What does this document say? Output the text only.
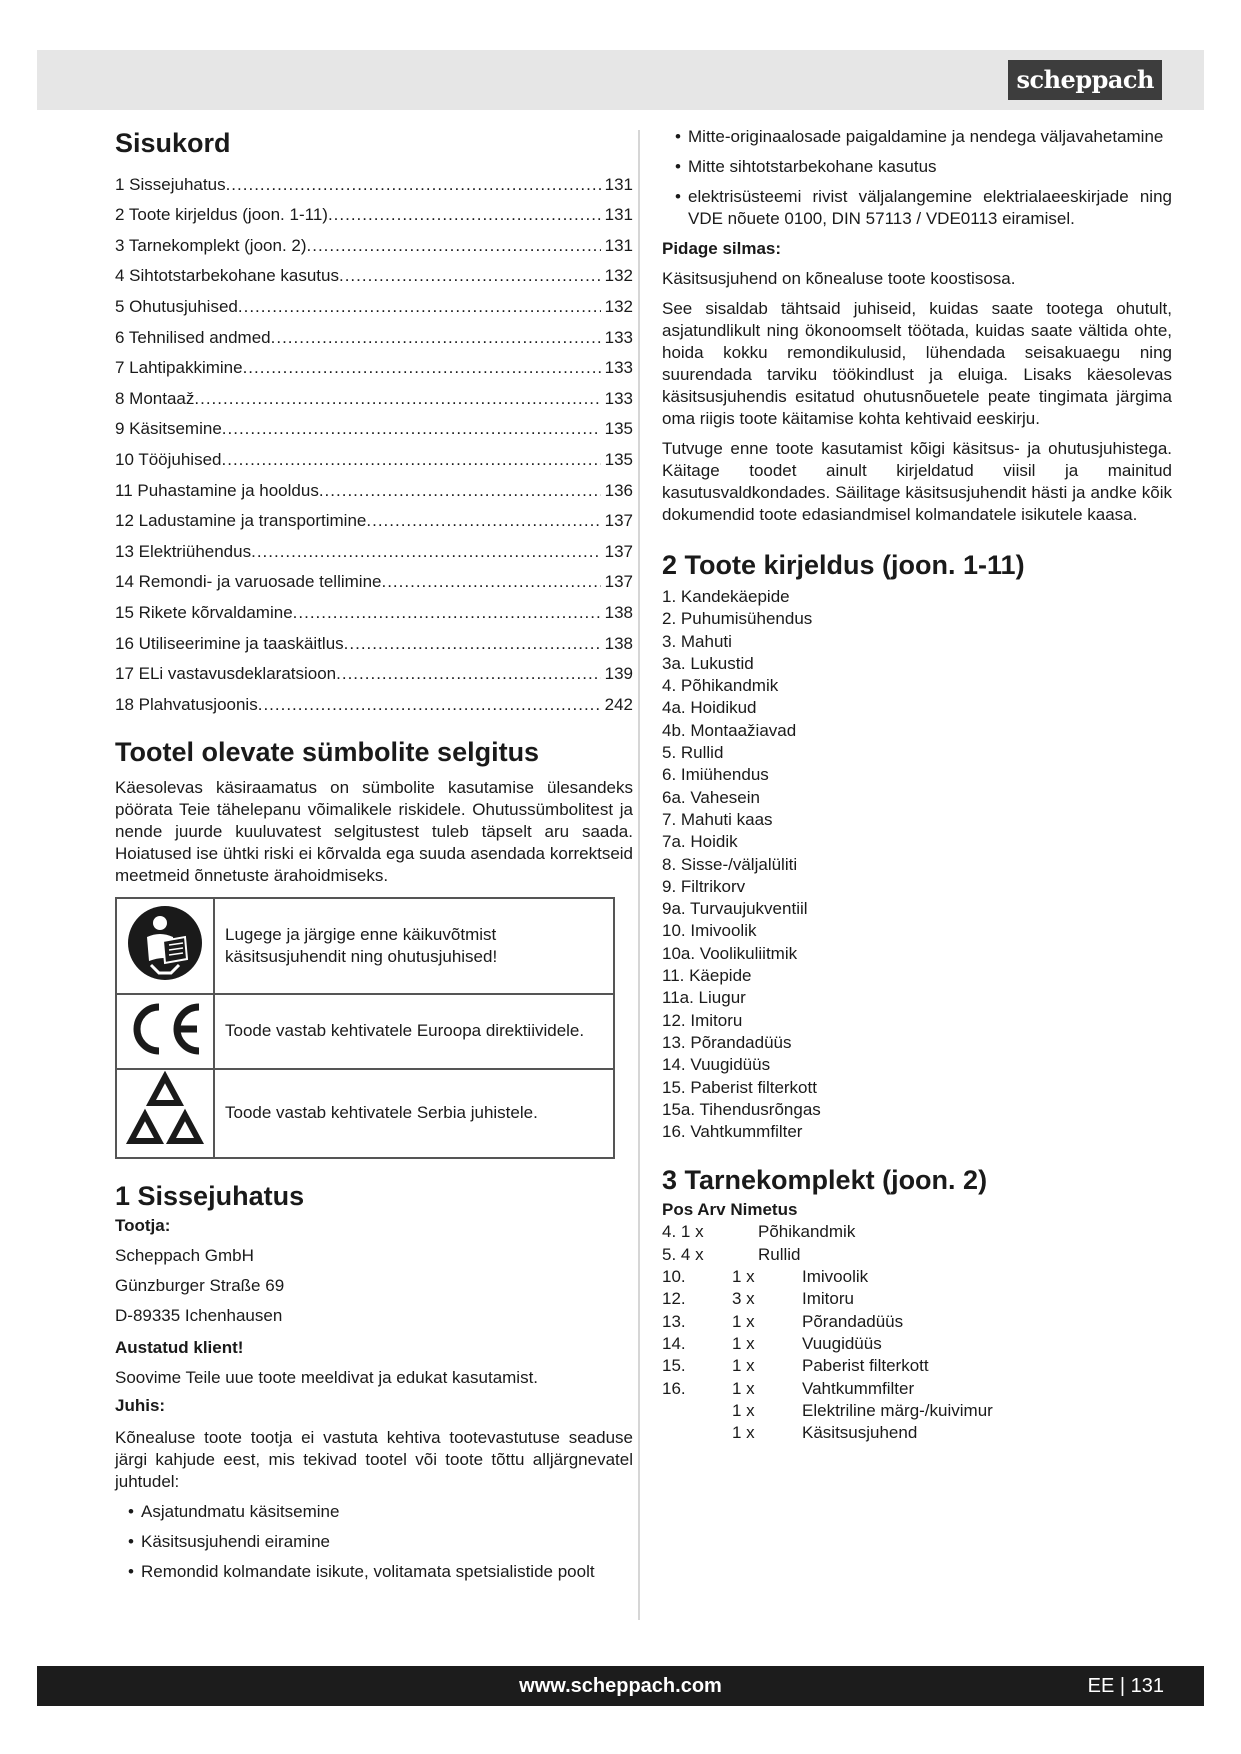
scheppach
Sisukord
1 Sissejuhatus .....	131
2 Toote kirjeldus (joon. 1-11) .....	131
3 Tarnekomplekt (joon. 2) .....	131
4 Sihtotstarbekohane kasutus .....	132
5 Ohutusjuhised .....	132
6 Tehnilised andmed .....	133
7 Lahtipakkimine .....	133
8 Montaaž .....	133
9 Käsitsemine .....	135
10 Tööjuhised .....	135
11 Puhastamine ja hooldus .....	136
12 Ladustamine ja transportimine .....	137
13 Elektriühendus .....	137
14 Remondi- ja varuosade tellimine .....	137
15 Rikete kõrvaldamine .....	138
16 Utiliseerimine ja taaskäitlus .....	138
17 ELi vastavusdeklaratsioon .....	139
18 Plahvatusjoonis .....	242
Tootel olevate sümbolite selgitus

Käesolevas käsiraamatus on sümbolite kasutamise ülesandeks pöörata Teie tähelepanu võimalikele riskidele. Ohutussümbolitest ja nende juurde kuuluvatest selgitustest tuleb täpselt aru saada. Hoiatused ise ühtki riski ei kõrvalda ega suuda asendada korrektseid meetmeid õnnetuste ärahoidmiseks.

	Lugege ja järgige enne käikuvõtmist käsitsusjuhendit ning ohutusjuhised!
	Toode vastab kehtivatele Euroopa direktiividele.
	Toode vastab kehtivatele Serbia juhistele.
1 Sissejuhatus

Tootja:

Scheppach GmbH

Günzburger Straße 69

D-89335 Ichenhausen

Austatud klient!

Soovime Teile uue toote meeldivat ja edukat kasutamist.

Juhis:

Kõnealuse toote tootja ei vastuta kehtiva tootevastutuse seaduse järgi kahjude eest, mis tekivad tootel või toote tõttu alljärgnevatel juhtudel:

• Asjatundmatu käsitsemine
• Käsitsusjuhendi eiramine
• Remondid kolmandate isikute, volitamata spetsialistide poolt
• Mitte-originaalosade paigaldamine ja nendega väljavahetamine
• Mitte sihtotstarbekohane kasutus
• elektrisüsteemi rivist väljalangemine elektrialaeeskirjade ning VDE nõuete 0100, DIN 57113 / VDE0113 eiramisel.

Pidage silmas:

Käsitsusjuhend on kõnealuse toote koostisosa.

See sisaldab tähtsaid juhiseid, kuidas saate tootega ohutult, asjatundlikult ning ökonoomselt töötada, kuidas saate vältida ohte, hoida kokku remondikulusid, lühendada seisakuaegu ning suurendada tarviku töökindlust ja eluiga. Lisaks käesolevas käsitsusjuhendis esitatud ohutusnõuetele peate tingimata järgima oma riigis toote käitamise kohta kehtivaid eeskirju.

Tutvuge enne toote kasutamist kõigi käsitsus- ja ohutusjuhistega. Käitage toodet ainult kirjeldatud viisil ja mainitud kasutusvaldkondades. Säilitage käsitsusjuhendit hästi ja andke kõik dokumendid toote edasiandmisel kolmandatele isikutele kaasa.

2 Toote kirjeldus (joon. 1-11)
1. Kandekäepide
2. Puhumisühendus
3. Mahuti
3a. Lukustid
4. Põhikandmik
4a. Hoidikud
4b. Montaažiavad
5. Rullid
6. Imiühendus
6a. Vahesein
7. Mahuti kaas
7a. Hoidik
8. Sisse-/väljalüliti
9. Filtrikorv
9a. Turvaujukventiil
10. Imivoolik
10a. Voolikuliitmik
11. Käepide
11a. Liugur
12. Imitoru
13. Põrandadüüs
14. Vuugidüüs
15. Paberist filterkott
15a. Tihendusrõngas
16. Vahtkummfilter
3 Tarnekomplekt (joon. 2)

Pos Arv Nimetus

4. 1 x	Põhikandmik
5. 4 x	Rullid
10.	1 x	Imivoolik
12.	3 x	Imitoru
13.	1 x	Põrandadüüs
14.	1 x	Vuugidüüs
15.	1 x	Paberist filterkott
16.	1 x	Vahtkummfilter
	1 x	Elektriline märg-/kuivimur
	1 x	Käsitsusjuhend
www.scheppach.com	EE | 131
